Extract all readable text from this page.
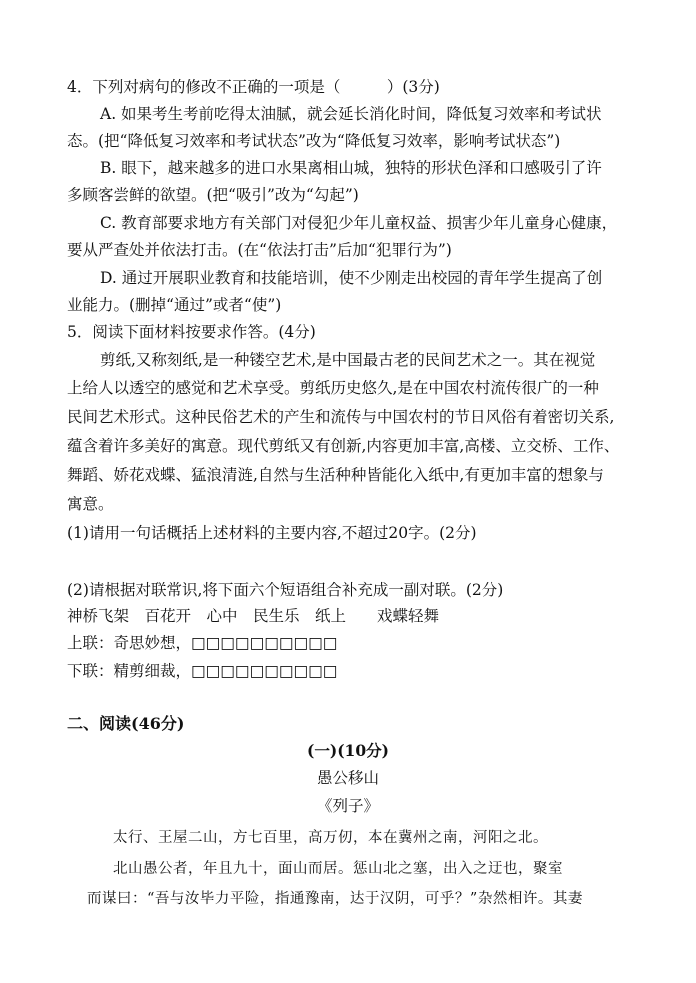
4．下列对病句的修改不正确的一项是（　　　）(3分)
A. 如果考生考前吃得太油腻，就会延长消化时间，降低复习效率和考试状
态。(把“降低复习效率和考试状态”改为“降低复习效率，影响考试状态”)
B. 眼下，越来越多的进口水果离相山城，独特的形状色泽和口感吸引了许
多顾客尝鲜的欲望。(把“吸引”改为“勾起”)
C. 教育部要求地方有关部门对侵犯少年儿童权益、损害少年儿童身心健康，
要从严查处并依法打击。(在“依法打击”后加“犯罪行为”)
D. 通过开展职业教育和技能培训，使不少刚走出校园的青年学生提高了创
业能力。(删掉“通过”或者“使”)
5．阅读下面材料按要求作答。(4分)
剪纸,又称刻纸,是一种镂空艺术,是中国最古老的民间艺术之一。其在视觉
上给人以透空的感觉和艺术享受。剪纸历史悠久,是在中国农村流传很广的一种
民间艺术形式。这种民俗艺术的产生和流传与中国农村的节日风俗有着密切关系,
蕴含着许多美好的寓意。现代剪纸又有创新,内容更加丰富,高楼、立交桥、工作、
舞蹈、娇花戏蝶、猛浪清涟,自然与生活种种皆能化入纸中,有更加丰富的想象与
寓意。
(1)请用一句话概括上述材料的主要内容,不超过20字。(2分)
(2)请根据对联常识,将下面六个短语组合补充成一副对联。(2分)
神桥飞架　百花开　心中　民生乐　纸上　　戏蝶轻舞
上联：奇思妙想，□□□□□□□□□□
下联：精剪细裁，□□□□□□□□□□
二、阅读(46分)
(一)(10分)
愚公移山
《列子》
太行、王屋二山，方七百里，高万仞，本在冀州之南，河阳之北。
北山愚公者，年且九十，面山而居。惩山北之塞，出入之迂也，聚室
而谋曰：“吾与汝毕力平险，指通豫南，达于汉阴，可乎？”杂然相许。其妻
